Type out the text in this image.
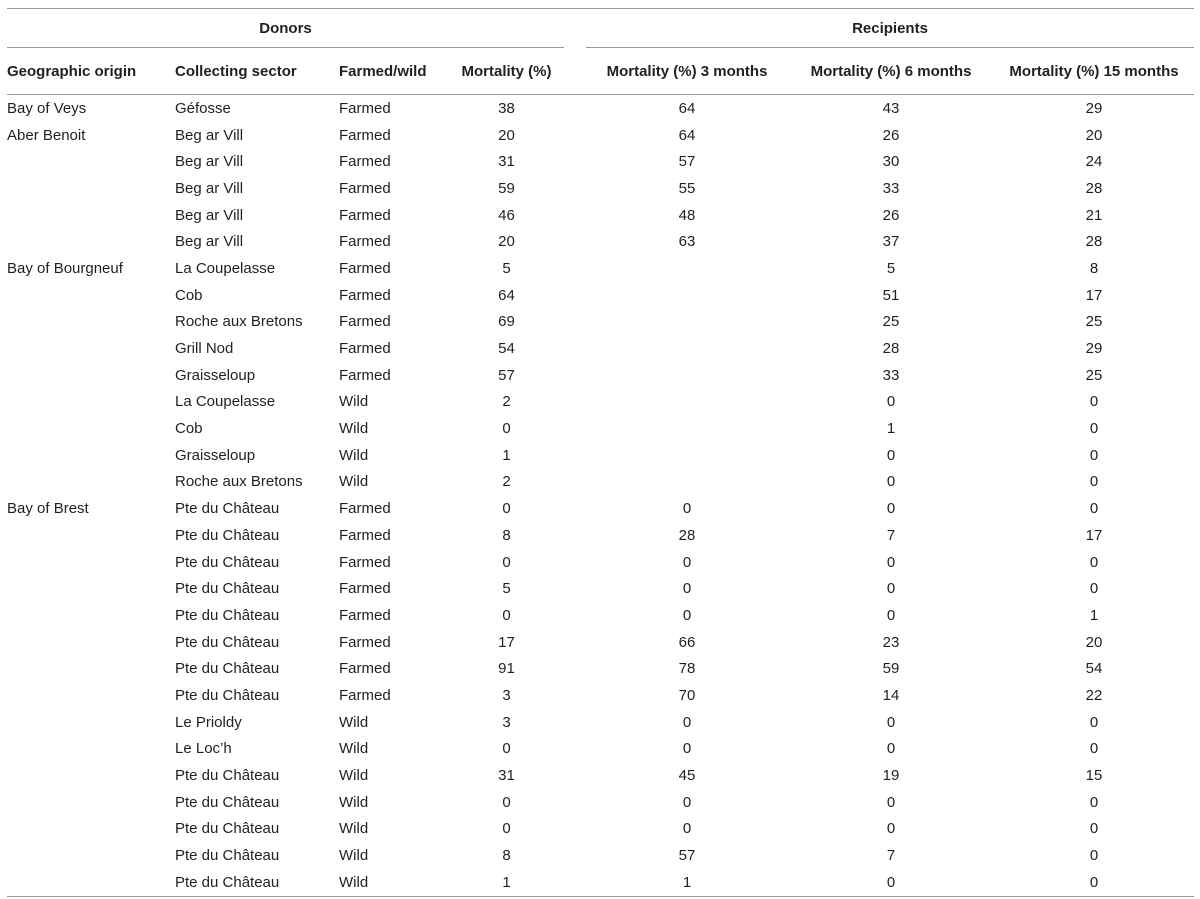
Donors					Recipients		
Geographic origin	Collecting sector	Farmed/wild	Mortality (%)		Mortality (%) 3 months	Mortality (%) 6 months	Mortality (%) 15 months
Bay of Veys	Géfosse	Farmed	38		64	43	29
Aber Benoit	Beg ar Vill	Farmed	20		64	26	20
	Beg ar Vill	Farmed	31		57	30	24
	Beg ar Vill	Farmed	59		55	33	28
	Beg ar Vill	Farmed	46		48	26	21
	Beg ar Vill	Farmed	20		63	37	28
Bay of Bourgneuf	La Coupelasse	Farmed	5			5	8
	Cob	Farmed	64			51	17
	Roche aux Bretons	Farmed	69			25	25
	Grill Nod	Farmed	54			28	29
	Graisseloup	Farmed	57			33	25
	La Coupelasse	Wild	2			0	0
	Cob	Wild	0			1	0
	Graisseloup	Wild	1			0	0
	Roche aux Bretons	Wild	2			0	0
Bay of Brest	Pte du Château	Farmed	0		0	0	0
	Pte du Château	Farmed	8		28	7	17
	Pte du Château	Farmed	0		0	0	0
	Pte du Château	Farmed	5		0	0	0
	Pte du Château	Farmed	0		0	0	1
	Pte du Château	Farmed	17		66	23	20
	Pte du Château	Farmed	91		78	59	54
	Pte du Château	Farmed	3		70	14	22
	Le Prioldy	Wild	3		0	0	0
	Le Loc’h	Wild	0		0	0	0
	Pte du Château	Wild	31		45	19	15
	Pte du Château	Wild	0		0	0	0
	Pte du Château	Wild	0		0	0	0
	Pte du Château	Wild	8		57	7	0
	Pte du Château	Wild	1		1	0	0
